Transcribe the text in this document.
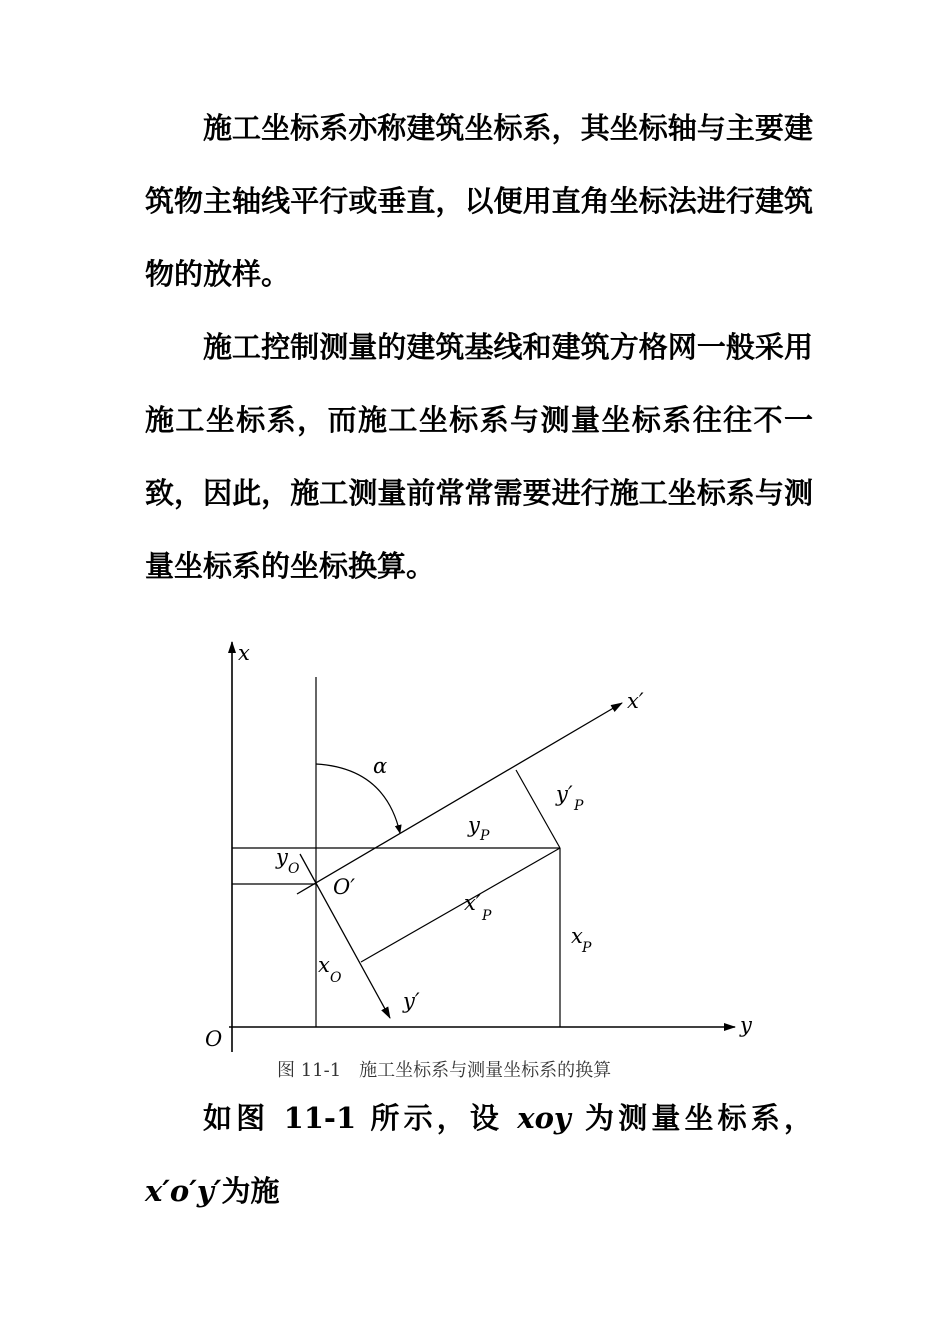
施工坐标系亦称建筑坐标系，其坐标轴与主要建筑物主轴线平行或垂直，以便用直角坐标法进行建筑物的放样。

施工控制测量的建筑基线和建筑方格网一般采用施工坐标系，而施工坐标系与测量坐标系往往不一致，因此，施工测量前常常需要进行施工坐标系与测量坐标系的坐标换算。

x
y
O
x′
y′
O′
α
y P
y′ P
x′
P
x P
y O
x
O
图 11-1　施工坐标系与测量坐标系的换算

如图 11-1 所示，设 xoy 为测量坐标系，x′o′y′为施
